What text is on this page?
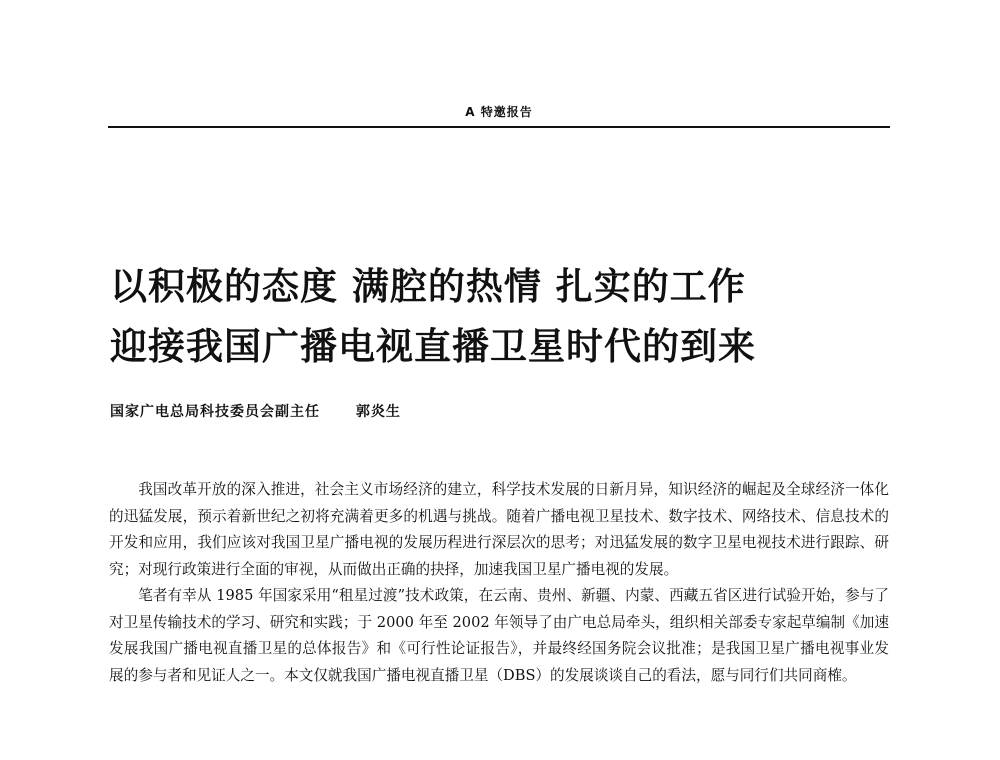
A 特邀报告
以积极的态度 满腔的热情 扎实的工作
迎接我国广播电视直播卫星时代的到来
国家广电总局科技委员会副主任	郭炎生

我国改革开放的深入推进，社会主义市场经济的建立，科学技术发展的日新月异，知识经济的崛起及全球经济一体化的迅猛发展，预示着新世纪之初将充满着更多的机遇与挑战。随着广播电视卫星技术、数字技术、网络技术、信息技术的开发和应用，我们应该对我国卫星广播电视的发展历程进行深层次的思考；对迅猛发展的数字卫星电视技术进行跟踪、研究；对现行政策进行全面的审视，从而做出正确的抉择，加速我国卫星广播电视的发展。

笔者有幸从 1985 年国家采用“租星过渡”技术政策，在云南、贵州、新疆、内蒙、西藏五省区进行试验开始，参与了对卫星传输技术的学习、研究和实践；于 2000 年至 2002 年领导了由广电总局牵头，组织相关部委专家起草编制《加速发展我国广播电视直播卫星的总体报告》和《可行性论证报告》，并最终经国务院会议批准；是我国卫星广播电视事业发展的参与者和见证人之一。本文仅就我国广播电视直播卫星（DBS）的发展谈谈自己的看法，愿与同行们共同商榷。
